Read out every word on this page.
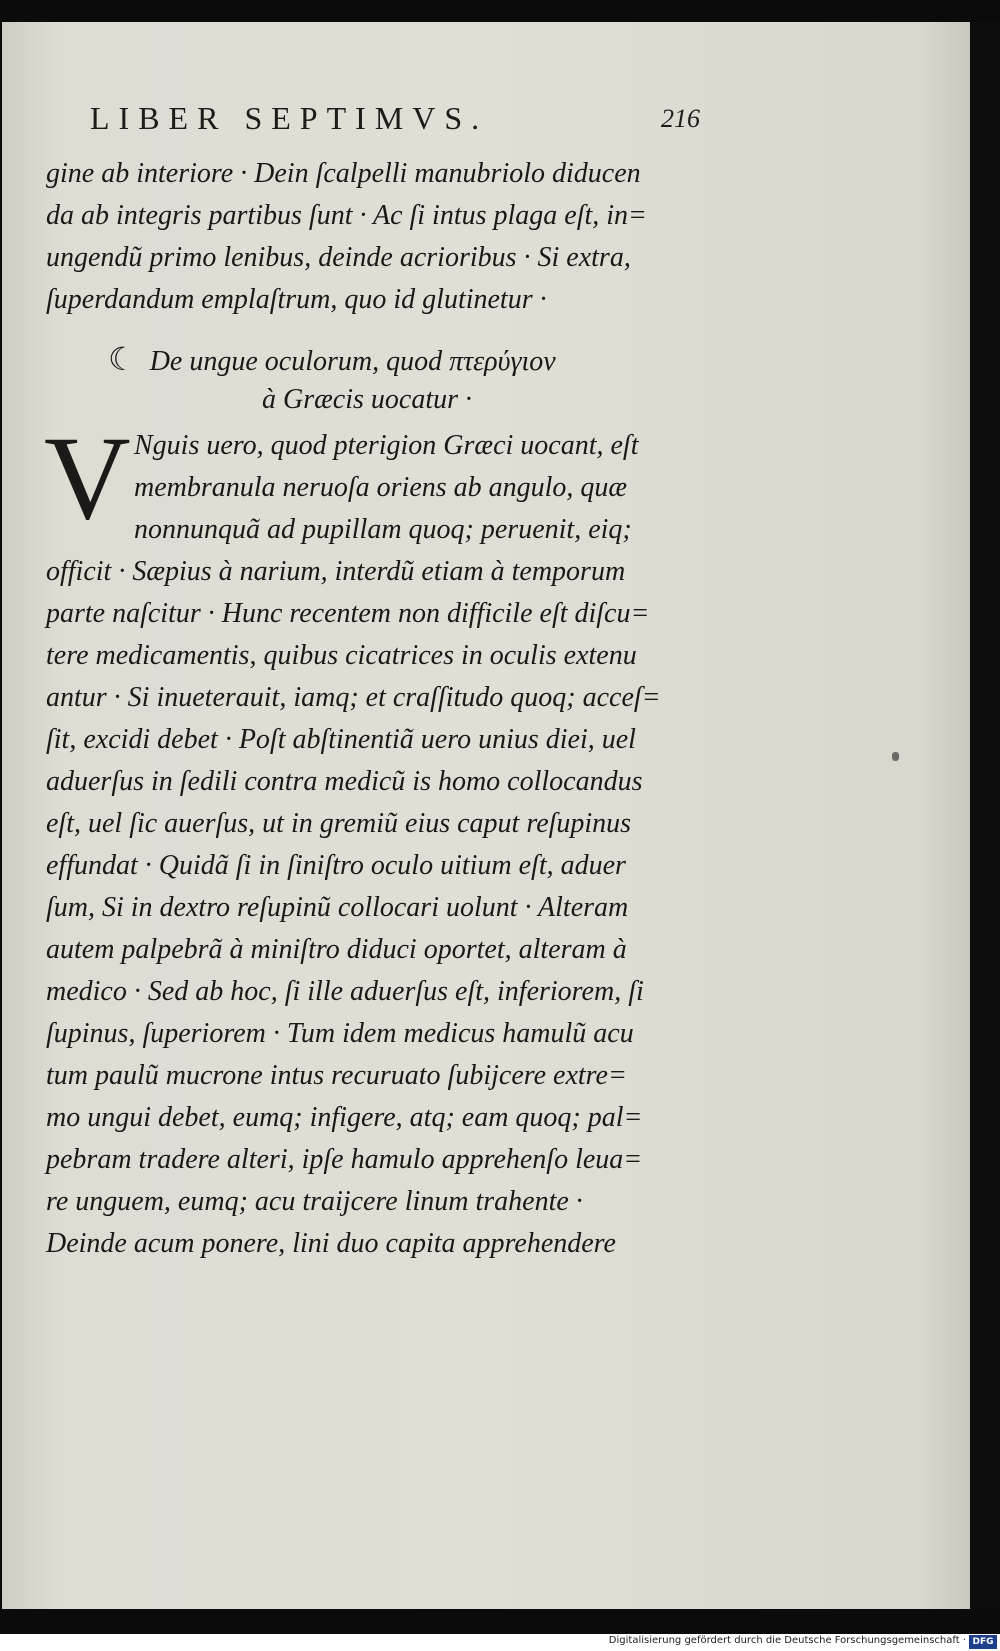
LIBER SEPTIMVS.	216
gine ab interiore · Dein ſcalpelli manubriolo diducen
da ab integris partibus ſunt · Ac ſi intus plaga eſt, in=
ungendũ primo lenibus, deinde acrioribus · Si extra,
ſuperdandum emplaſtrum, quo id glutinetur ·
☾ De ungue oculorum, quod πτερύγιον
à Græcis uocatur ·
V Nguis uero, quod pterigion Græci uocant, eſt
membranula neruoſa oriens ab angulo, quæ
nonnunquã ad pupillam quoq; peruenit, eiq;
officit · Sæpius à narium, interdũ etiam à temporum
parte naſcitur · Hunc recentem non difficile eſt diſcu=
tere medicamentis, quibus cicatrices in oculis extenu
antur · Si inueterauit, iamq; et craſſitudo quoq; acceſ=
ſit, excidi debet · Poſt abſtinentiã uero unius diei, uel
aduerſus in ſedili contra medicũ is homo collocandus
eſt, uel ſic auerſus, ut in gremiũ eius caput reſupinus
effundat · Quidã ſi in ſiniſtro oculo uitium eſt, aduer
ſum, Si in dextro reſupinũ collocari uolunt · Alteram
autem palpebrã à miniſtro diduci oportet, alteram à
medico · Sed ab hoc, ſi ille aduerſus eſt, inferiorem, ſi
ſupinus, ſuperiorem · Tum idem medicus hamulũ acu
tum paulũ mucrone intus recuruato ſubijcere extre=
mo ungui debet, eumq; infigere, atq; eam quoq; pal=
pebram tradere alteri, ipſe hamulo apprehenſo leua=
re unguem, eumq; acu traijcere linum trahente ·
Deinde acum ponere, lini duo capita apprehendere
Digitalisierung gefördert durch die Deutsche Forschungsgemeinschaft · DFG
